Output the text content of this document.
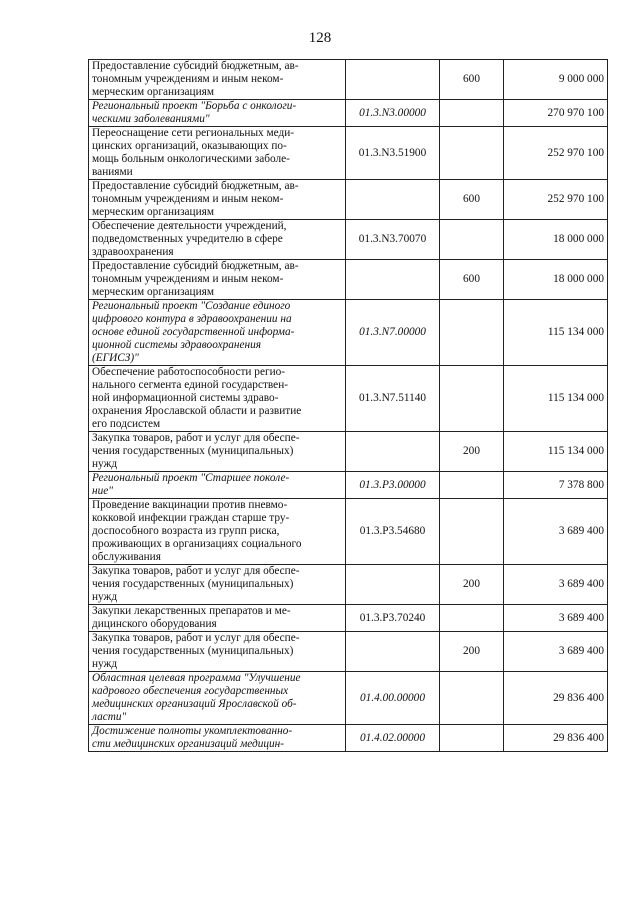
128
Предоставление субсидий бюджетным, ав-
тономным учреждениям и иным неком-
мерческим организациям		600	9 000 000

Региональный проект "Борьба с онкологи-
ческими заболеваниями"	01.3.N3.00000		270 970 100

Переоснащение сети региональных меди-
цинских организаций, оказывающих по-
мощь больным онкологическими заболе-
ваниями	01.3.N3.51900		252 970 100

Предоставление субсидий бюджетным, ав-
тономным учреждениям и иным неком-
мерческим организациям		600	252 970 100

Обеспечение деятельности учреждений,
подведомственных учредителю в сфере
здравоохранения	01.3.N3.70070		18 000 000

Предоставление субсидий бюджетным, ав-
тономным учреждениям и иным неком-
мерческим организациям		600	18 000 000

Региональный проект "Создание единого
цифрового контура в здравоохранении на
основе единой государственной информа-
ционной системы здравоохранения
(ЕГИСЗ)"	01.3.N7.00000		115 134 000

Обеспечение работоспособности регио-
нального сегмента единой государствен-
ной информационной системы здраво-
охранения Ярославской области и развитие
его подсистем	01.3.N7.51140		115 134 000

Закупка товаров, работ и услуг для обеспе-
чения государственных (муниципальных)
нужд		200	115 134 000

Региональный проект "Старшее поколе-
ние"	01.3.P3.00000		7 378 800

Проведение вакцинации против пневмо-
кокковой инфекции граждан старше тру-
доспособного возраста из групп риска,
проживающих в организациях социального
обслуживания	01.3.P3.54680		3 689 400

Закупка товаров, работ и услуг для обеспе-
чения государственных (муниципальных)
нужд		200	3 689 400

Закупки лекарственных препаратов и ме-
дицинского оборудования	01.3.P3.70240		3 689 400

Закупка товаров, работ и услуг для обеспе-
чения государственных (муниципальных)
нужд		200	3 689 400

Областная целевая программа "Улучшение
кадрового обеспечения государственных
медицинских организаций Ярославской об-
ласти"	01.4.00.00000		29 836 400

Достижение полноты укомплектованно-
сти медицинских организаций медицин-	01.4.02.00000		29 836 400
